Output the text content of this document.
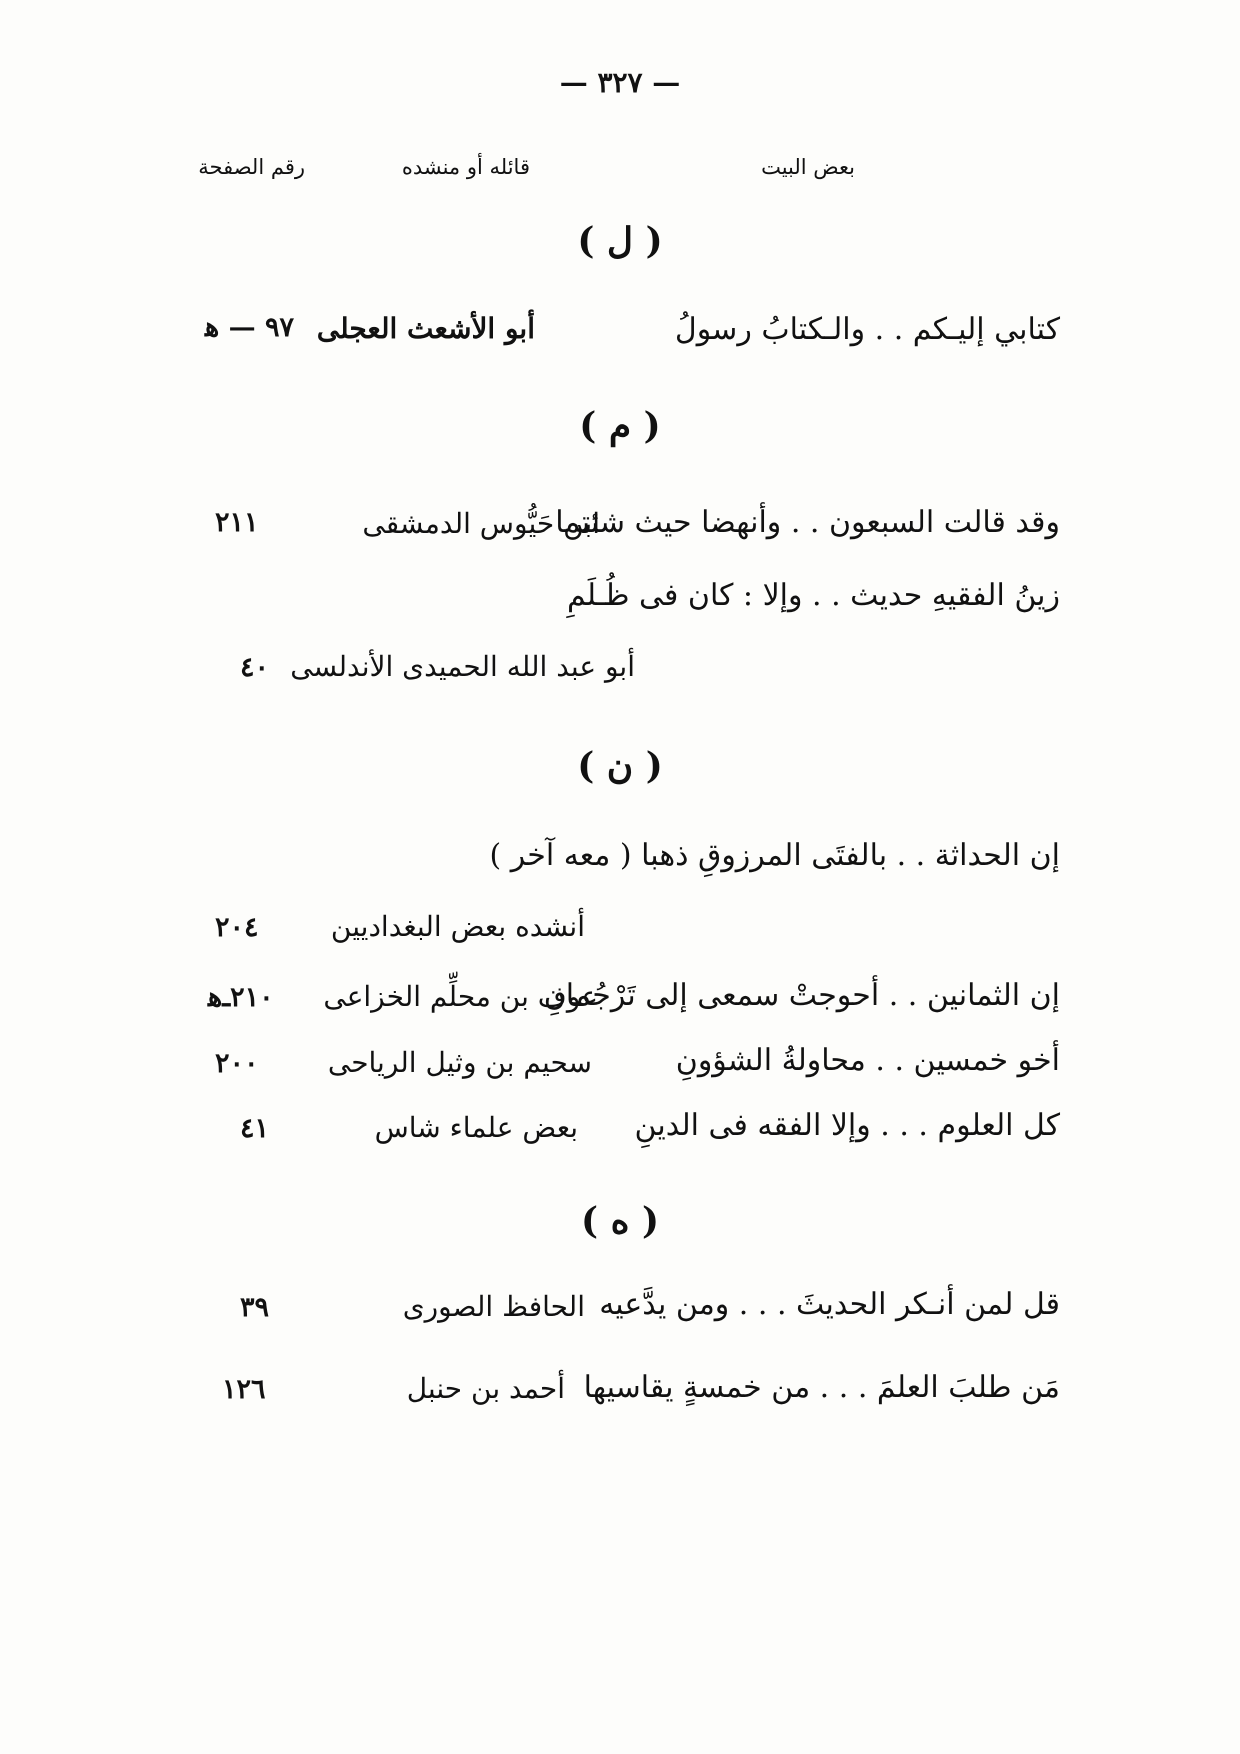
— ٣٢٧ —
بعض البيت
قائله أو منشده
رقم الصفحة
( ل )
كتابي إليـكم . . والـكتابُ رسولُ
أبو الأشعث العجلى
٩٧ — ﻫ
( م )
وقد قالت السبعون . . وأنهضا حيث شئتما
ابن حَيُّوس الدمشقى
٢١١
زينُ الفقيهِ حديث . . وإلا : كان فى ظُـلَمِ
أبو عبد الله الحميدى الأندلسى
٤٠
( ن )
إن الحداثة . . بالفتَى المرزوقِ ذهبا ( معه آخر )
أنشده بعض البغداديين
٢٠٤
إن الثمانين . . أحوجتْ سمعى إلى تَرْجُمانِ
عوف بن محلِّم الخزاعى
٢١٠ـﻫ
أخو خمسين . . محاولةُ الشؤونِ
سحيم بن وثيل الرياحى
٢٠٠
كل العلوم . . . وإلا الفقه فى الدينِ
بعض علماء شاس
٤١
( ه )
قل لمن أنـكر الحديثَ . . . ومن يدَّعيه
الحافظ الصورى
٣٩
مَن طلبَ العلمَ . . . من خمسةٍ يقاسيها
أحمد بن حنبل
١٢٦
